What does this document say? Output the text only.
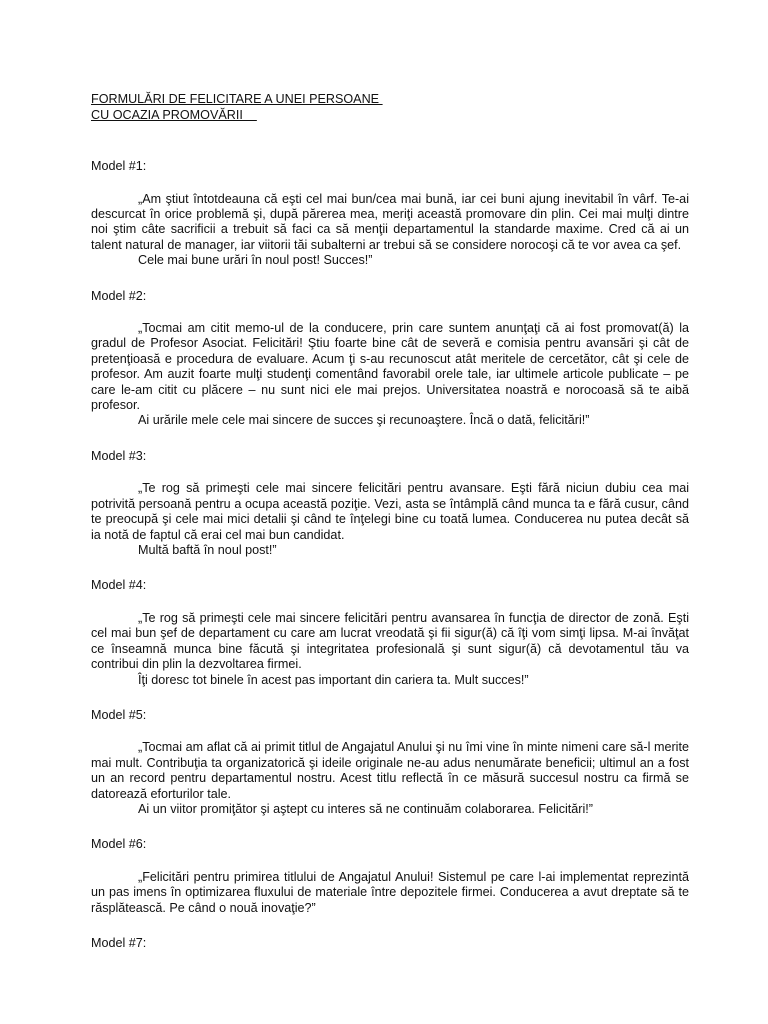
FORMULĂRI DE FELICITARE A UNEI PERSOANE
CU OCAZIA PROMOVĂRII
Model #1:

„Am ştiut întotdeauna că eşti cel mai bun/cea mai bună, iar cei buni ajung inevitabil în vârf. Te-ai descurcat în orice problemă şi, după părerea mea, meriţi această promovare din plin. Cei mai mulţi dintre noi ştim câte sacrificii a trebuit să faci ca să menţii departamentul la standarde maxime. Cred că ai un talent natural de manager, iar viitorii tăi subalterni ar trebui să se considere norocoşi că te vor avea ca şef.

Cele mai bune urări în noul post! Succes!”

Model #2:

„Tocmai am citit memo-ul de la conducere, prin care suntem anunţaţi că ai fost promovat(ă) la gradul de Profesor Asociat. Felicitări! Ştiu foarte bine cât de severă e comisia pentru avansări şi cât de pretenţioasă e procedura de evaluare. Acum ţi s-au recunoscut atât meritele de cercetător, cât şi cele de profesor. Am auzit foarte mulţi studenţi comentând favorabil orele tale, iar ultimele articole publicate – pe care le-am citit cu plăcere – nu sunt nici ele mai prejos. Universitatea noastră e norocoasă să te aibă profesor.

Ai urările mele cele mai sincere de succes şi recunoaştere. Încă o dată, felicitări!”

Model #3:

„Te rog să primeşti cele mai sincere felicitări pentru avansare. Eşti fără niciun dubiu cea mai potrivită persoană pentru a ocupa această poziţie. Vezi, asta se întâmplă când munca ta e fără cusur, când te preocupă şi cele mai mici detalii şi când te înţelegi bine cu toată lumea. Conducerea nu putea decât să ia notă de faptul că erai cel mai bun candidat.

Multă baftă în noul post!”

Model #4:

„Te rog să primeşti cele mai sincere felicitări pentru avansarea în funcţia de director de zonă. Eşti cel mai bun şef de departament cu care am lucrat vreodată şi fii sigur(ă) că îţi vom simţi lipsa. M-ai învăţat ce înseamnă munca bine făcută şi integritatea profesională şi sunt sigur(ă) că devotamentul tău va contribui din plin la dezvoltarea firmei.

Îţi doresc tot binele în acest pas important din cariera ta. Mult succes!”

Model #5:

„Tocmai am aflat că ai primit titlul de Angajatul Anului şi nu îmi vine în minte nimeni care să-l merite mai mult. Contribuţia ta organizatorică şi ideile originale ne-au adus nenumărate beneficii; ultimul an a fost un an record pentru departamentul nostru. Acest titlu reflectă în ce măsură succesul nostru ca firmă se datorează eforturilor tale.

Ai un viitor promiţător şi aştept cu interes să ne continuăm colaborarea. Felicitări!”

Model #6:

„Felicitări pentru primirea titlului de Angajatul Anului! Sistemul pe care l-ai implementat reprezintă un pas imens în optimizarea fluxului de materiale între depozitele firmei. Conducerea a avut dreptate să te răsplătească. Pe când o nouă inovaţie?”

Model #7:
